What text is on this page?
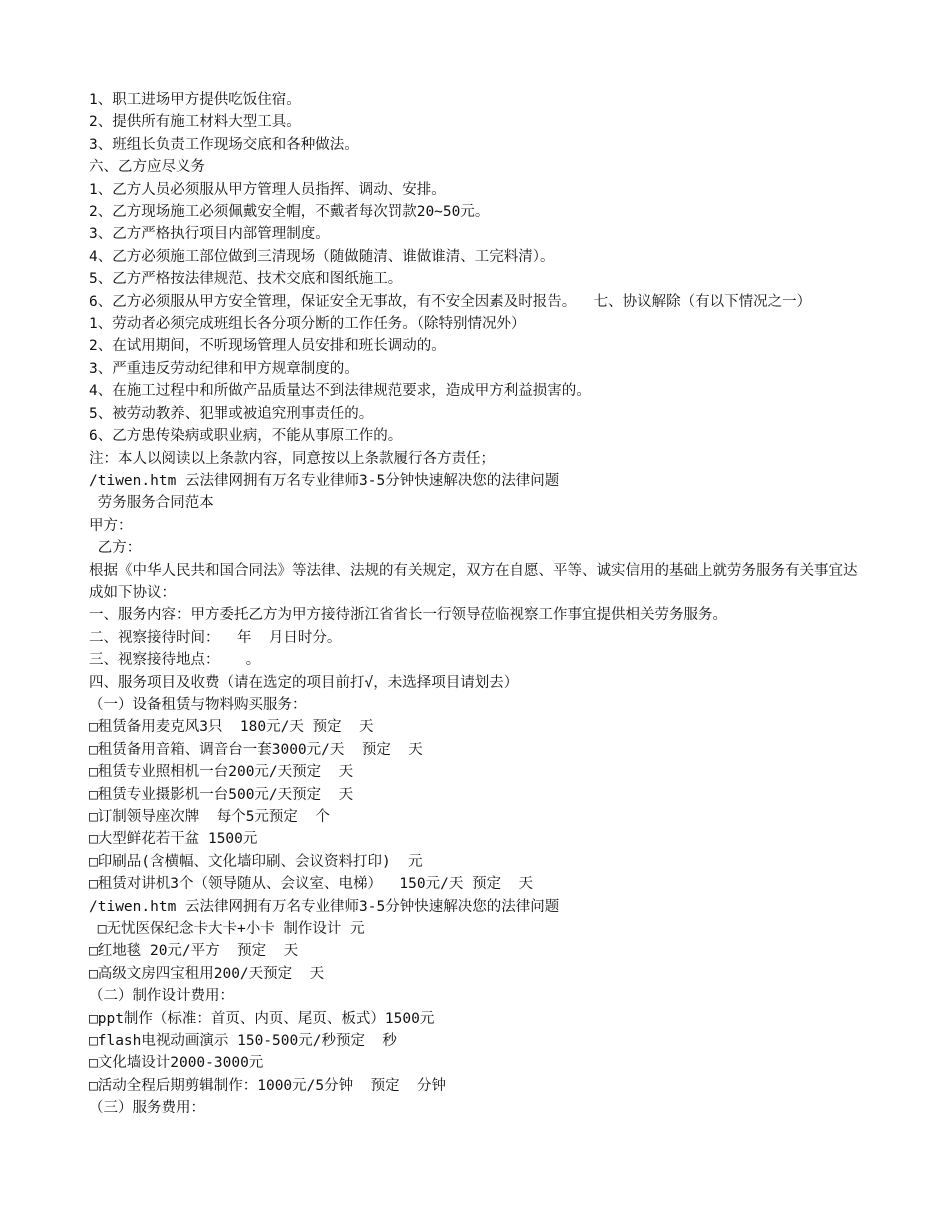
1、职工进场甲方提供吃饭住宿。
2、提供所有施工材料大型工具。
3、班组长负责工作现场交底和各种做法。
六、乙方应尽义务
1、乙方人员必须服从甲方管理人员指挥、调动、安排。
2、乙方现场施工必须佩戴安全帽，不戴者每次罚款20~50元。
3、乙方严格执行项目内部管理制度。
4、乙方必须施工部位做到三清现场（随做随清、谁做谁清、工完料清）。
5、乙方严格按法律规范、技术交底和图纸施工。
6、乙方必须服从甲方安全管理，保证安全无事故，有不安全因素及时报告。  七、协议解除（有以下情况之一）
1、劳动者必须完成班组长各分项分断的工作任务。（除特别情况外）
2、在试用期间，不听现场管理人员安排和班长调动的。
3、严重违反劳动纪律和甲方规章制度的。
4、在施工过程中和所做产品质量达不到法律规范要求，造成甲方利益损害的。
5、被劳动教养、犯罪或被追究刑事责任的。
6、乙方患传染病或职业病，不能从事原工作的。
注：本人以阅读以上条款内容，同意按以上条款履行各方责任；
/tiwen.htm 云法律网拥有万名专业律师3-5分钟快速解决您的法律问题
劳务服务合同范本
甲方：
乙方：
根据《中华人民共和国合同法》等法律、法规的有关规定，双方在自愿、平等、诚实信用的基础上就劳务服务有关事宜达成如下协议：
一、服务内容：甲方委托乙方为甲方接待浙江省省长一行领导莅临视察工作事宜提供相关劳务服务。
二、视察接待时间：  年  月日时分。
三、视察接待地点：   。
四、服务项目及收费（请在选定的项目前打√，未选择项目请划去）
（一）设备租赁与物料购买服务：
□租赁备用麦克风3只  180元/天 预定  天
□租赁备用音箱、调音台一套3000元/天  预定  天
□租赁专业照相机一台200元/天预定  天
□租赁专业摄影机一台500元/天预定  天
□订制领导座次牌  每个5元预定  个
□大型鲜花若干盆 1500元
□印刷品(含横幅、文化墙印刷、会议资料打印)  元
□租赁对讲机3个（领导随从、会议室、电梯）  150元/天 预定  天
/tiwen.htm 云法律网拥有万名专业律师3-5分钟快速解决您的法律问题
□无忧医保纪念卡大卡+小卡 制作设计 元
□红地毯 20元/平方  预定  天
□高级文房四宝租用200/天预定  天
（二）制作设计费用：
□ppt制作（标准：首页、内页、尾页、板式）1500元
□flash电视动画演示 150-500元/秒预定  秒
□文化墙设计2000-3000元
□活动全程后期剪辑制作：1000元/5分钟  预定  分钟
（三）服务费用：
